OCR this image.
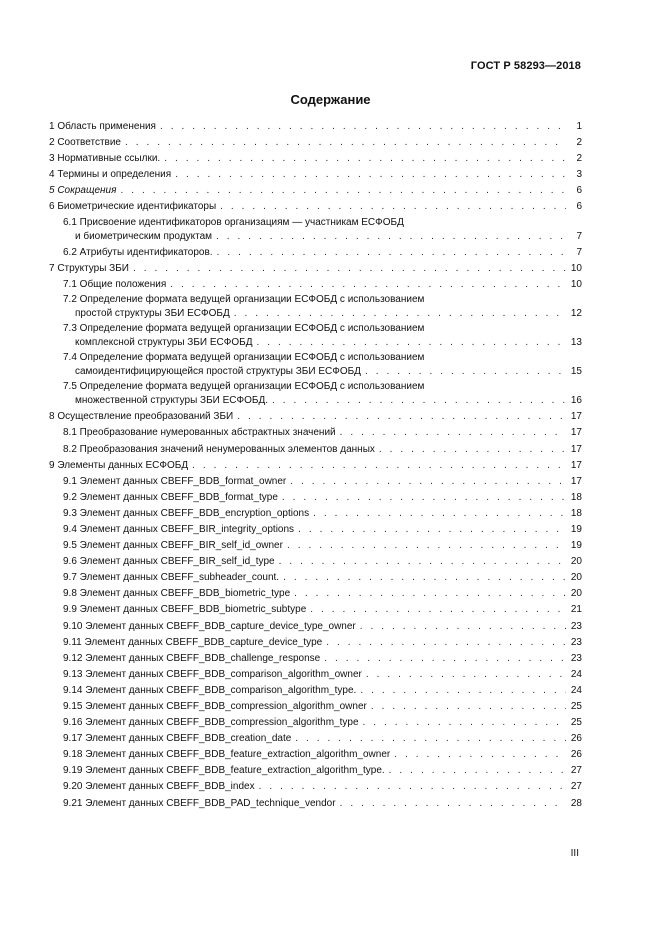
ГОСТ Р 58293—2018
Содержание
1 Область применения . . .	1
2 Соответствие . . .	2
3 Нормативные ссылки. . . .	2
4 Термины и определения . . .	3
5 Сокращения . . .	6
6 Биометрические идентификаторы . . .	6
6.1 Присвоение идентификаторов организациям — участникам ЕСФОБД
и биометрическим продуктам . . .	7
6.2 Атрибуты идентификаторов. . . .	7
7 Структуры ЗБИ . . .	10
7.1 Общие положения . . .	10
7.2 Определение формата ведущей организации ЕСФОБД с использованием
простой структуры ЗБИ ЕСФОБД . . .	12
7.3 Определение формата ведущей организации ЕСФОБД с использованием
комплексной структуры ЗБИ ЕСФОБД . . .	13
7.4 Определение формата ведущей организации ЕСФОБД с использованием
самоидентифицирующейся простой структуры ЗБИ ЕСФОБД . . .	15
7.5 Определение формата ведущей организации ЕСФОБД с использованием
множественной структуры ЗБИ ЕСФОБД. . . .	16
8 Осуществление преобразований ЗБИ . . .	17
8.1 Преобразование нумерованных абстрактных значений . . .	17
8.2 Преобразования значений ненумерованных элементов данных . . .	17
9 Элементы данных ЕСФОБД . . .	17
9.1 Элемент данных CBEFF_BDB_format_owner . . .	17
9.2 Элемент данных CBEFF_BDB_format_type . . .	18
9.3 Элемент данных CBEFF_BDB_encryption_options . . .	18
9.4 Элемент данных CBEFF_BIR_integrity_options . . .	19
9.5 Элемент данных CBEFF_BIR_self_id_owner . . .	19
9.6 Элемент данных CBEFF_BIR_self_id_type . . .	20
9.7 Элемент данных CBEFF_subheader_count. . . .	20
9.8 Элемент данных CBEFF_BDB_biometric_type . . .	20
9.9 Элемент данных CBEFF_BDB_biometric_subtype . . .	21
9.10 Элемент данных CBEFF_BDB_capture_device_type_owner . . .	23
9.11 Элемент данных CBEFF_BDB_capture_device_type . . .	23
9.12 Элемент данных CBEFF_BDB_challenge_response . . .	23
9.13 Элемент данных CBEFF_BDB_comparison_algorithm_owner . . .	24
9.14 Элемент данных CBEFF_BDB_comparison_algorithm_type. . . .	24
9.15 Элемент данных CBEFF_BDB_compression_algorithm_owner . . .	25
9.16 Элемент данных CBEFF_BDB_compression_algorithm_type . . .	25
9.17 Элемент данных CBEFF_BDB_creation_date . . .	26
9.18 Элемент данных CBEFF_BDB_feature_extraction_algorithm_owner . . .	26
9.19 Элемент данных CBEFF_BDB_feature_extraction_algorithm_type. . . .	27
9.20 Элемент данных CBEFF_BDB_index . . .	27
9.21 Элемент данных CBEFF_BDB_PAD_technique_vendor . . .	28
III
